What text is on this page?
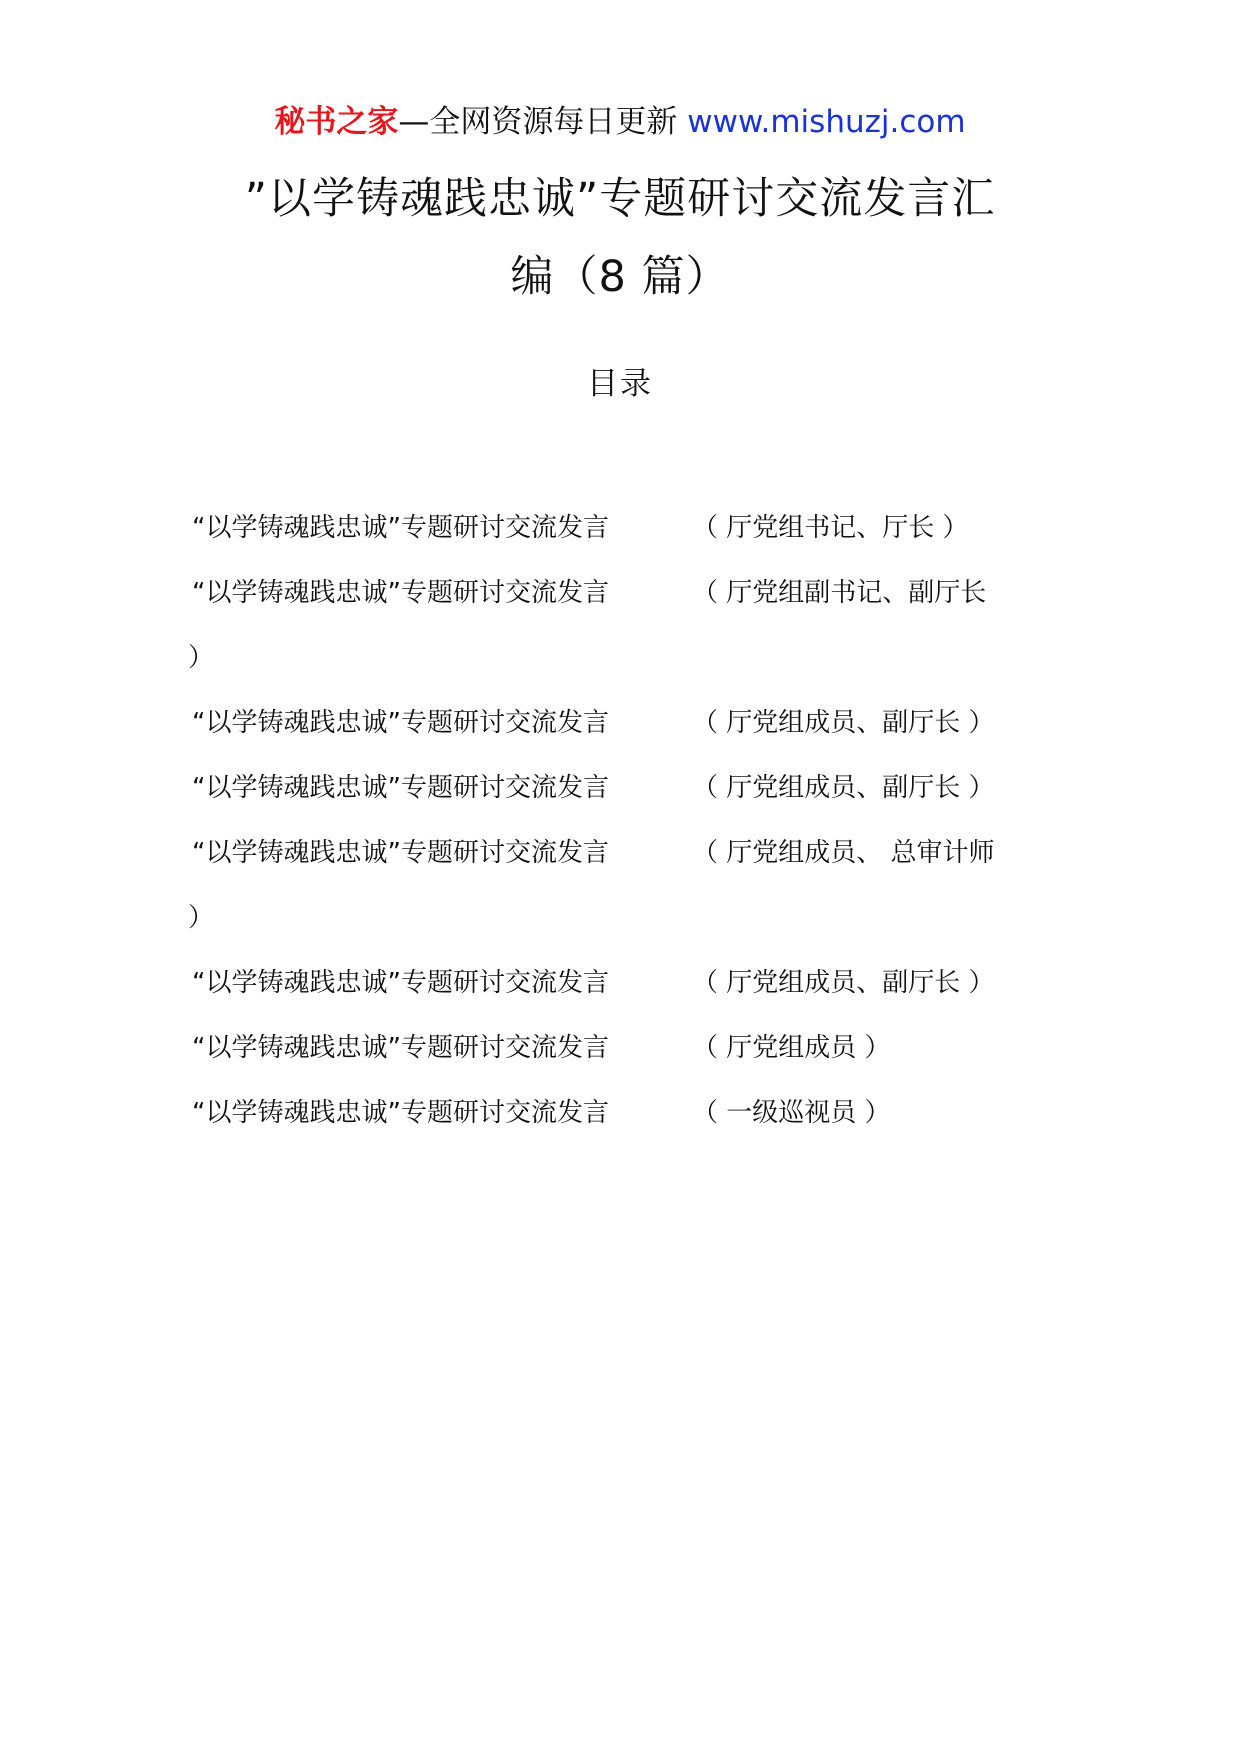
秘书之家—全网资源每日更新 www.mishuzj.com
”以学铸魂践忠诚”专题研讨交流发言汇
编（8 篇）
目录
“以学铸魂践忠诚”专题研讨交流发言	（ 厅党组书记、厅长 ）
“以学铸魂践忠诚”专题研讨交流发言	（ 厅党组副书记、副厅长
）
“以学铸魂践忠诚”专题研讨交流发言	（ 厅党组成员、副厅长 ）
“以学铸魂践忠诚”专题研讨交流发言	（ 厅党组成员、副厅长 ）
“以学铸魂践忠诚”专题研讨交流发言	（ 厅党组成员、 总审计师
）
“以学铸魂践忠诚”专题研讨交流发言	（ 厅党组成员、副厅长 ）
“以学铸魂践忠诚”专题研讨交流发言	（ 厅党组成员 ）
“以学铸魂践忠诚”专题研讨交流发言	（ 一级巡视员 ）
